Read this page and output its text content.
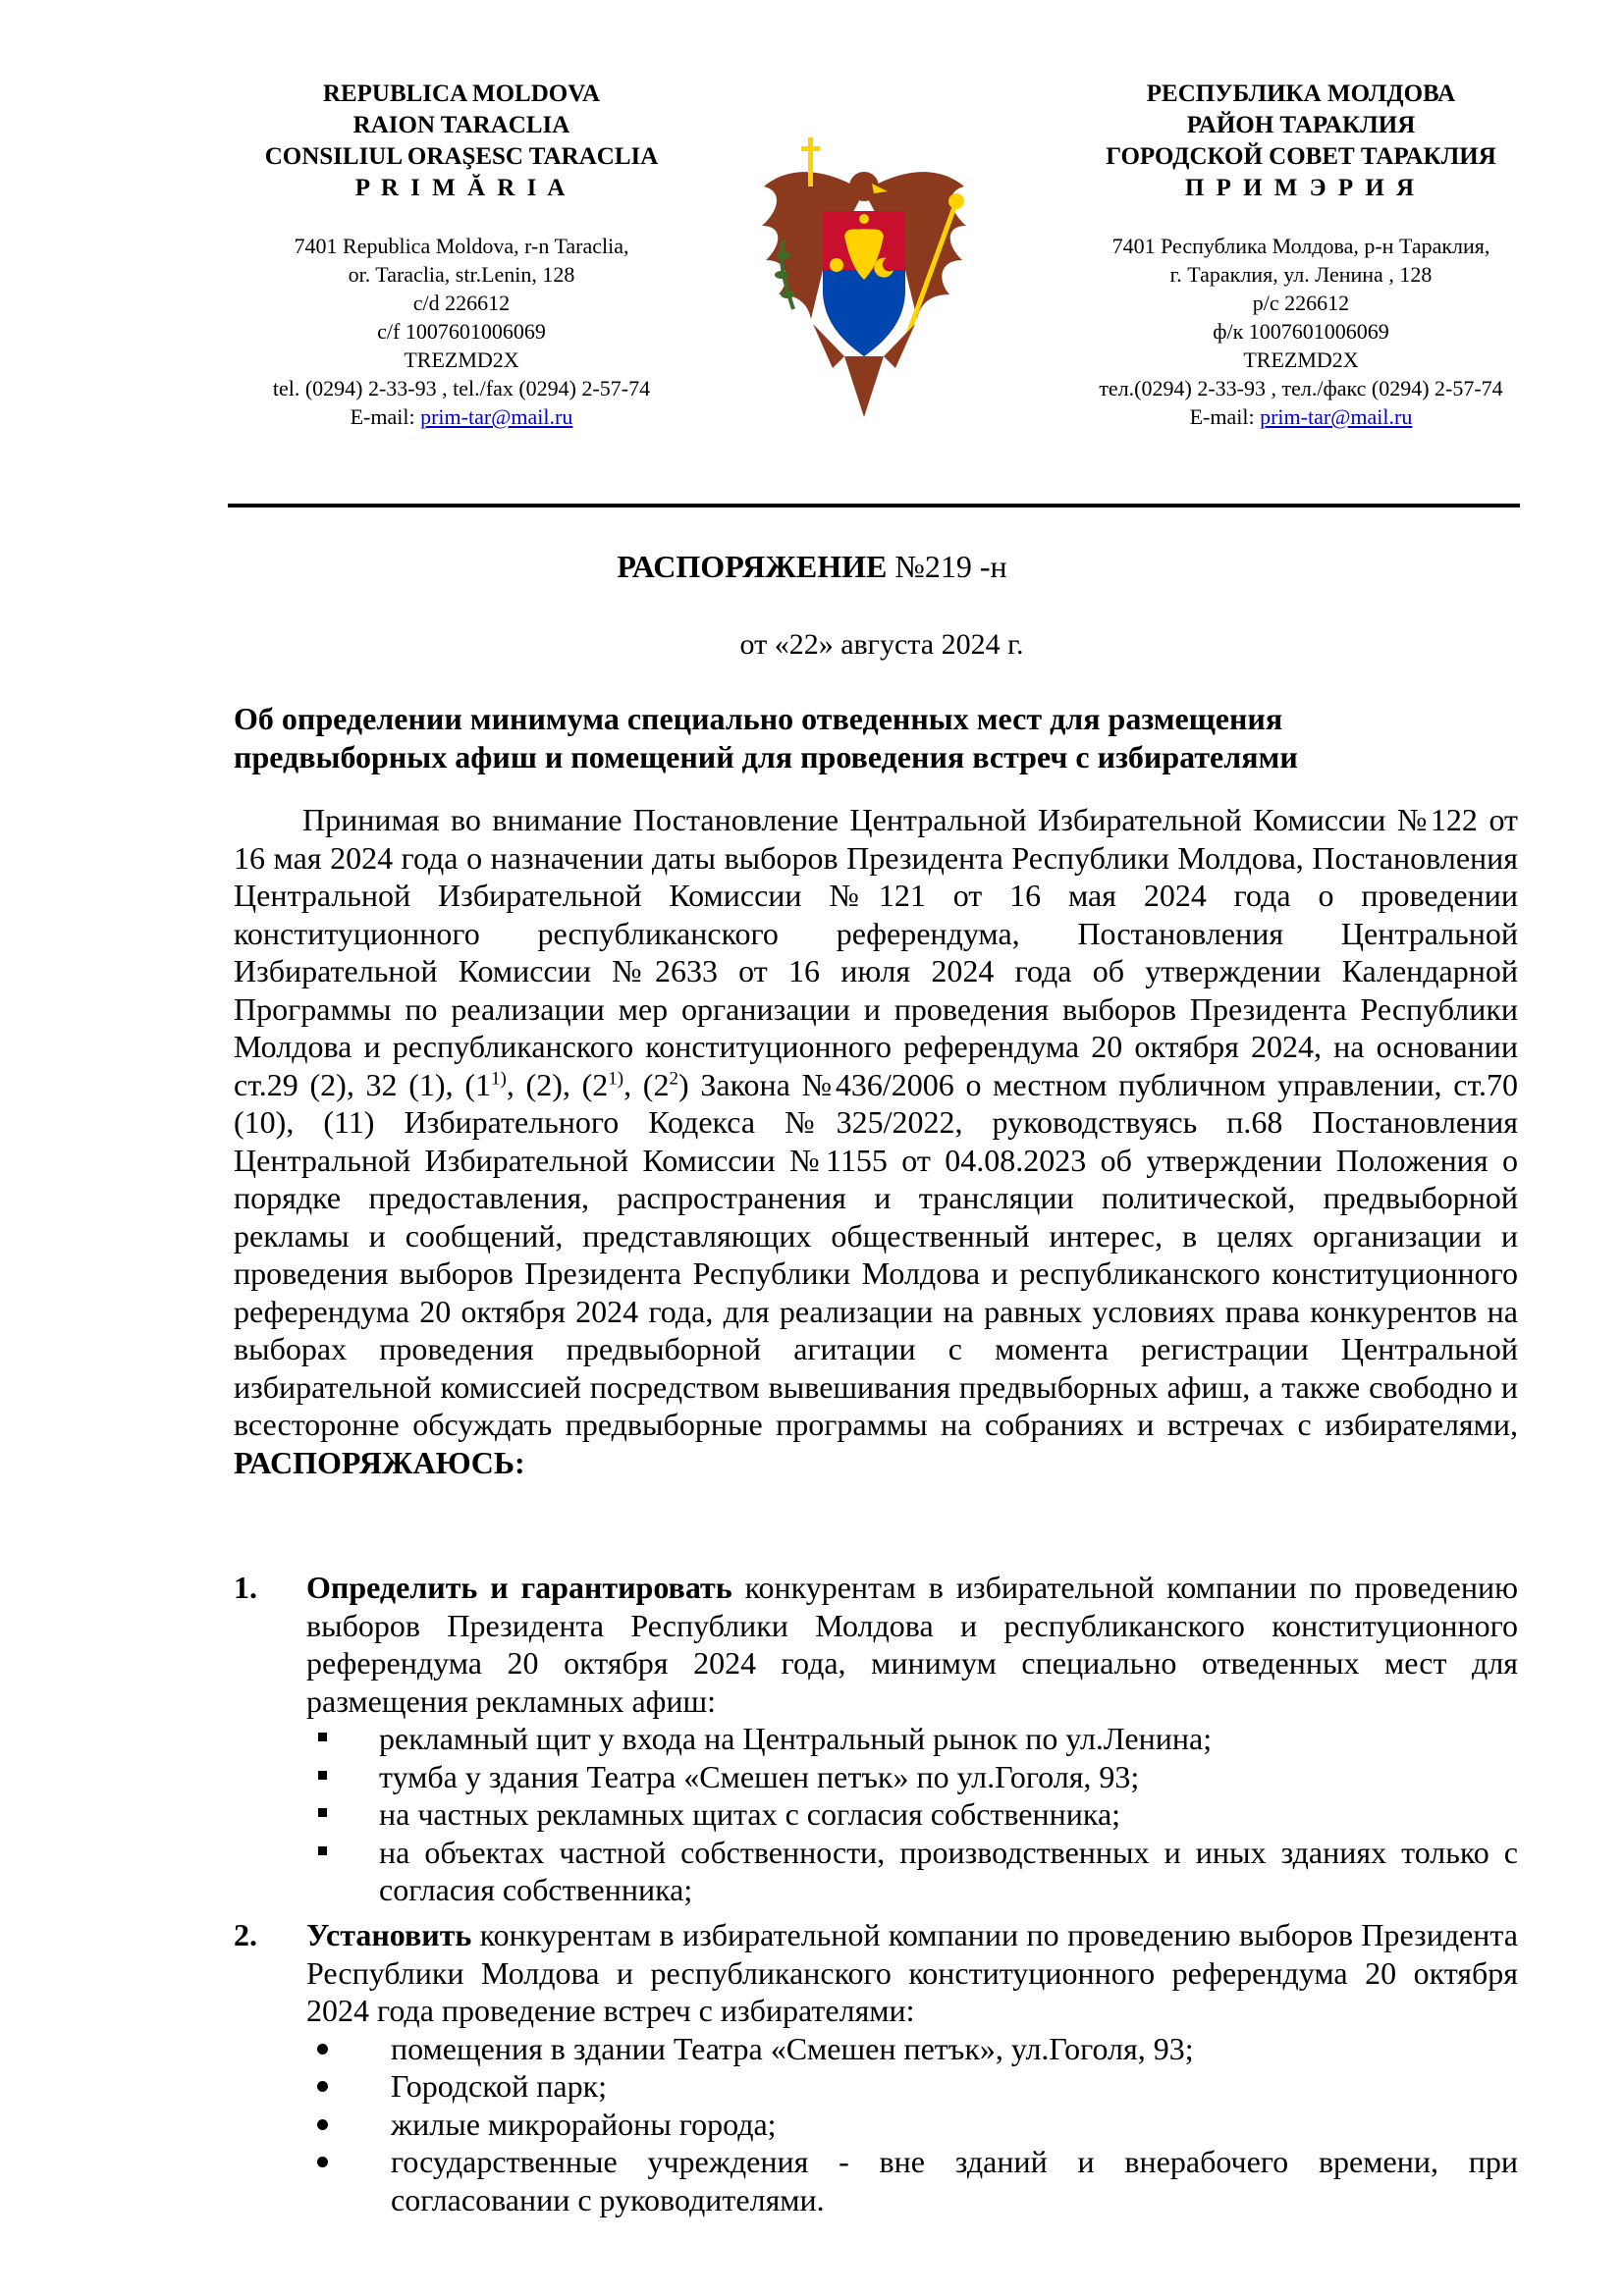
REPUBLICA MOLDOVA
RAION TARACLIA
CONSILIUL ORAŞESC TARACLIA
P R I M Ă R I A
7401 Republica Moldova, r-n Taraclia,
or. Taraclia, str.Lenin, 128
c/d 226612
c/f 1007601006069
TREZMD2X
tel. (0294) 2-33-93 , tel./fax (0294) 2-57-74
E-mail: prim-tar@mail.ru
РЕСПУБЛИКА МОЛДОВА
РАЙОН ТАРАКЛИЯ
ГОРОДСКОЙ СОВЕТ ТАРАКЛИЯ
П Р И М Э Р И Я
7401 Республика Молдова, р-н Тараклия,
г. Тараклия, ул. Ленина , 128
р/с 226612
ф/к 1007601006069
TREZMD2X
тел.(0294) 2-33-93 , тел./факс (0294) 2-57-74
E-mail: prim-tar@mail.ru
РАСПОРЯЖЕНИЕ №219 -н
от «22» августа 2024 г.
Об определении минимума специально отведенных мест для размещения
предвыборных афиш и помещений для проведения встреч с избирателями
Принимая во внимание Постановление Центральной Избирательной Комиссии №122 от 16 мая 2024 года о назначении даты выборов Президента Республики Молдова, Постановления Центральной Избирательной Комиссии №121 от 16 мая 2024 года о проведении конституционного республиканского референдума, Постановления Центральной Избирательной Комиссии №2633 от 16 июля 2024 года об утверждении Календарной Программы по реализации мер организации и проведения выборов Президента Республики Молдова и республиканского конституционного референдума 20 октября 2024, на основании ст.29 (2), 32 (1), (1$^{1)}$, (2), (2$^{1)}$, $(2^2)$ Закона №436/2006 о местном публичном управлении, ст.70 (10), (11) Избирательного Кодекса №325/2022, руководствуясь п.68 Постановления Центральной Избирательной Комиссии №1155 от 04.08.2023 об утверждении Положения о порядке предоставления, распространения и трансляции политической, предвыборной рекламы и сообщений, представляющих общественный интерес, в целях организации и проведения выборов Президента Республики Молдова и республиканского конституционного референдума 20 октября 2024 года, для реализации на равных условиях права конкурентов на выборах проведения предвыборной агитации с момента регистрации Центральной избирательной комиссией посредством вывешивания предвыборных афиш, а также свободно и всесторонне обсуждать предвыборные программы на собраниях и встречах с избирателями, РАСПОРЯЖАЮСЬ:
1. Определить и гарантировать конкурентам в избирательной компании по проведению выборов Президента Республики Молдова и республиканского конституционного референдума 20 октября 2024 года, минимум специально отведенных мест для размещения рекламных афиш:
рекламный щит у входа на Центральный рынок по ул.Ленина;
тумба у здания Театра «Смешен петък» по ул.Гоголя, 93;
на частных рекламных щитах с согласия собственника;
на объектах частной собственности, производственных и иных зданиях только с согласия собственника;
2. Установить конкурентам в избирательной компании по проведению выборов Президента Республики Молдова и республиканского конституционного референдума 20 октября 2024 года проведение встреч с избирателями:
помещения в здании Театра «Смешен петък», ул.Гоголя, 93;
Городской парк;
жилые микрорайоны города;
государственные учреждения - вне зданий и внерабочего времени, при согласовании с руководителями.
